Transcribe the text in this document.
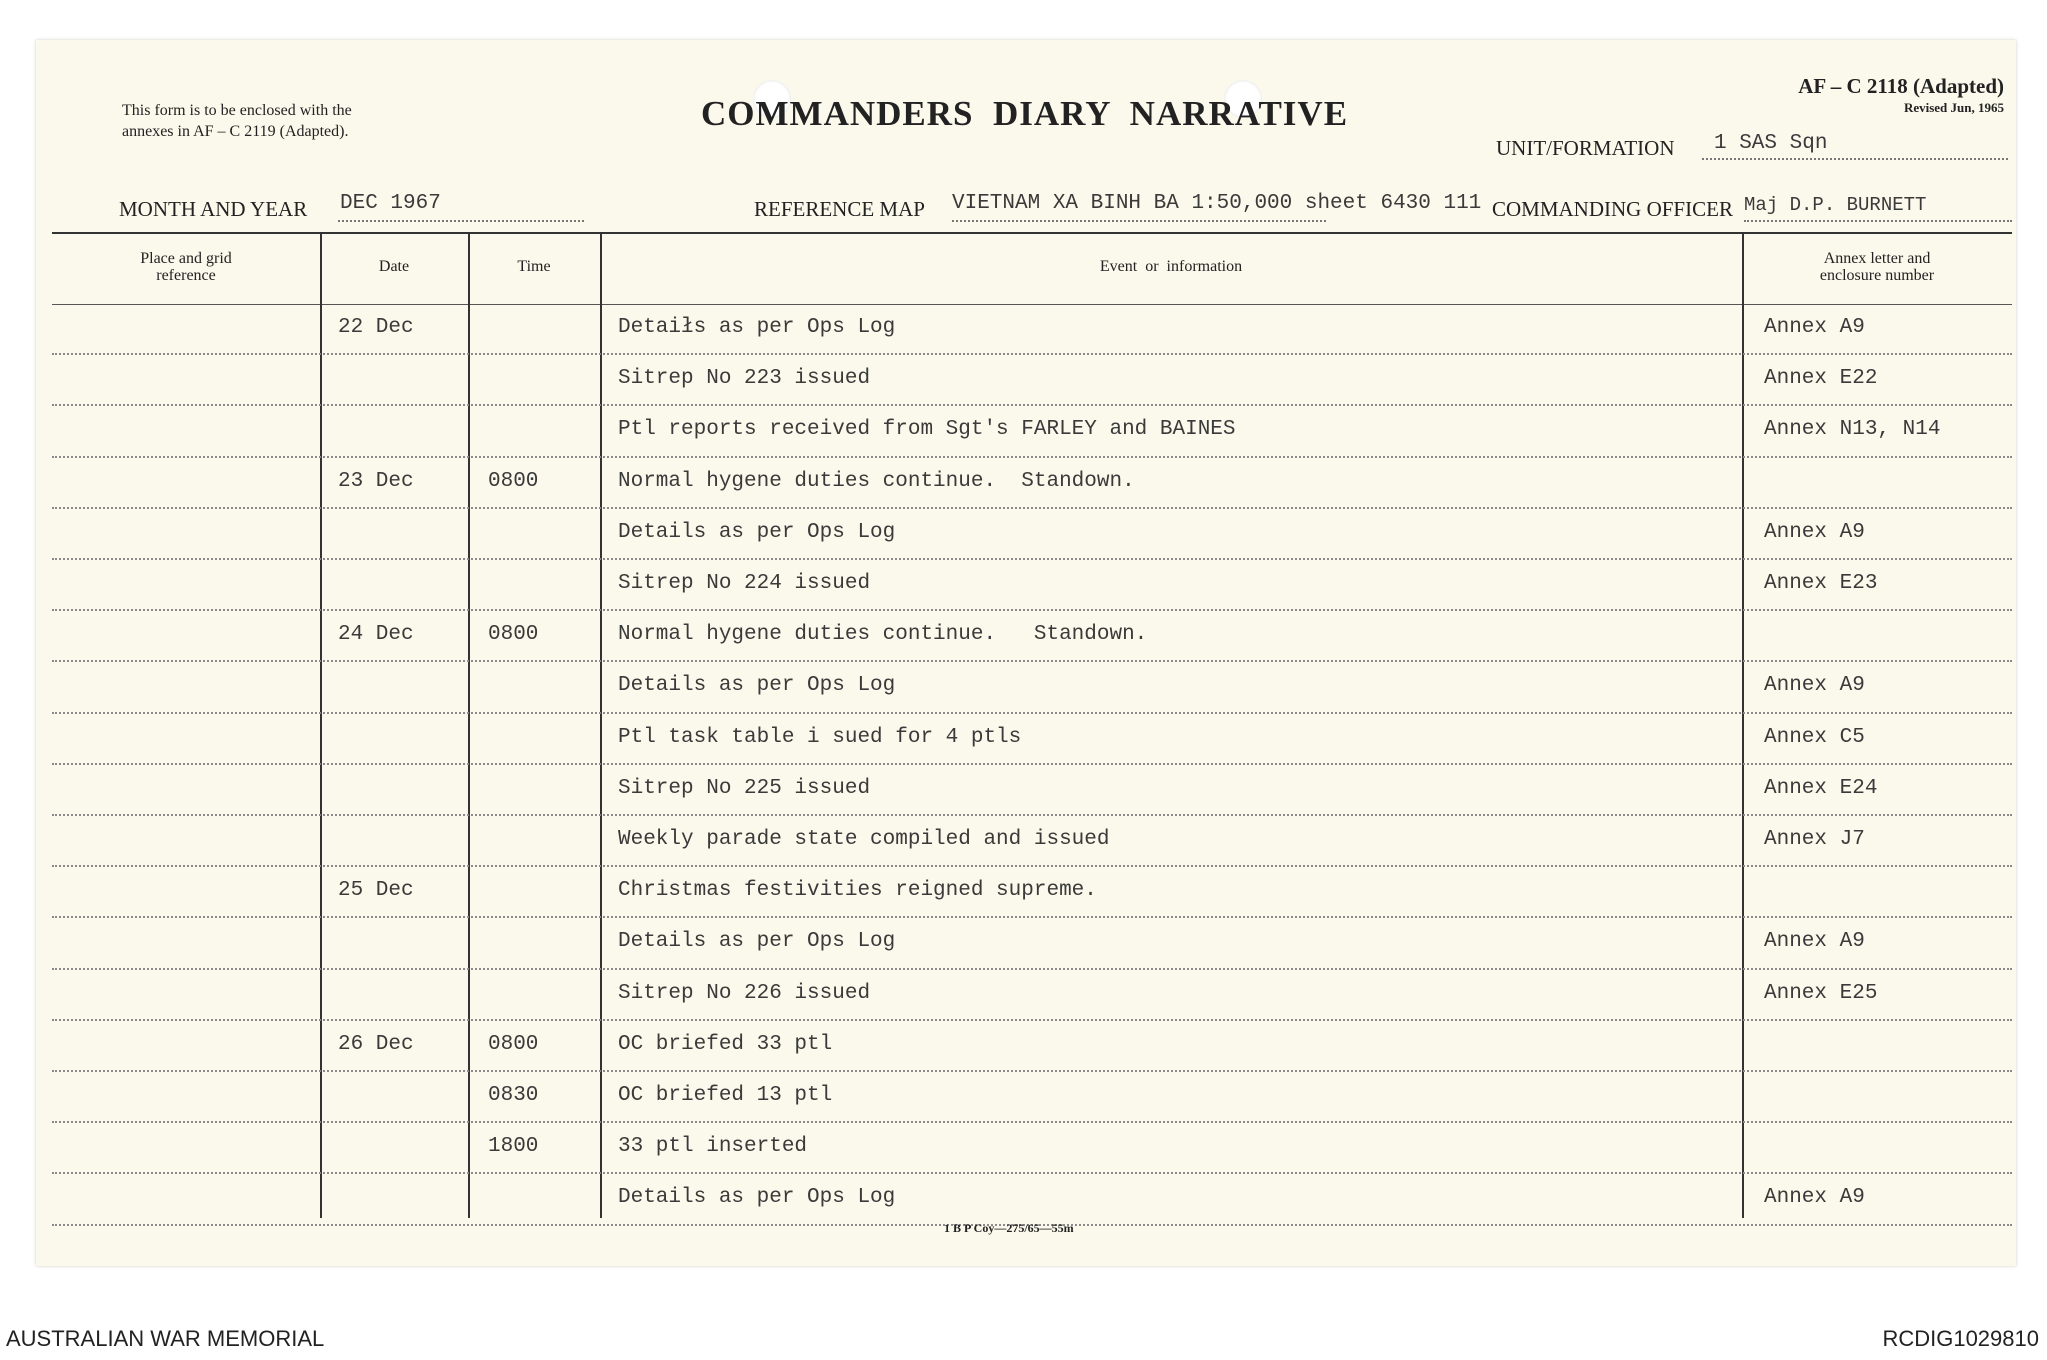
This form is to be enclosed with the
annexes in AF – C 2119 (Adapted).	COMMANDERS  DIARY  NARRATIVE
AF – C 2118 (Adapted)
Revised Jun, 1965
UNIT/FORMATION 1 SAS Sqn
MONTH AND YEAR DEC 1967	REFERENCE MAP VIETNAM XA BINH BA 1:50,000 sheet 6430 111 COMMANDING OFFICER Maj D.P. BURNETT
Place and grid
reference
Date	Time	Event  or  information	Annex letter and
enclosure number
22 Dec	Detaiłs as per Ops Log	Annex A9
Sitrep No 223 issued	Annex E22
Ptl reports received from Sgt's FARLEY and BAINES	Annex N13, N14
23 Dec	0800	Normal hygene duties continue.  Standown.
Details as per Ops Log	Annex A9
Sitrep No 224 issued	Annex E23
24 Dec	0800	Normal hygene duties continue.   Standown.
Details as per Ops Log	Annex A9
Ptl task table i sued for 4 ptls	Annex C5
Sitrep No 225 issued	Annex E24
Weekly parade state compiled and issued	Annex J7
25 Dec	Christmas festivities reigned supreme.
Details as per Ops Log	Annex A9
Sitrep No 226 issued	Annex E25
26 Dec	0800	OC briefed 33 ptl
0830	OC briefed 13 ptl
1800	33 ptl inserted
Details as per Ops Log	Annex A9
1 B P Coy—275/65—55m
AUSTRALIAN WAR MEMORIAL	RCDIG1029810
